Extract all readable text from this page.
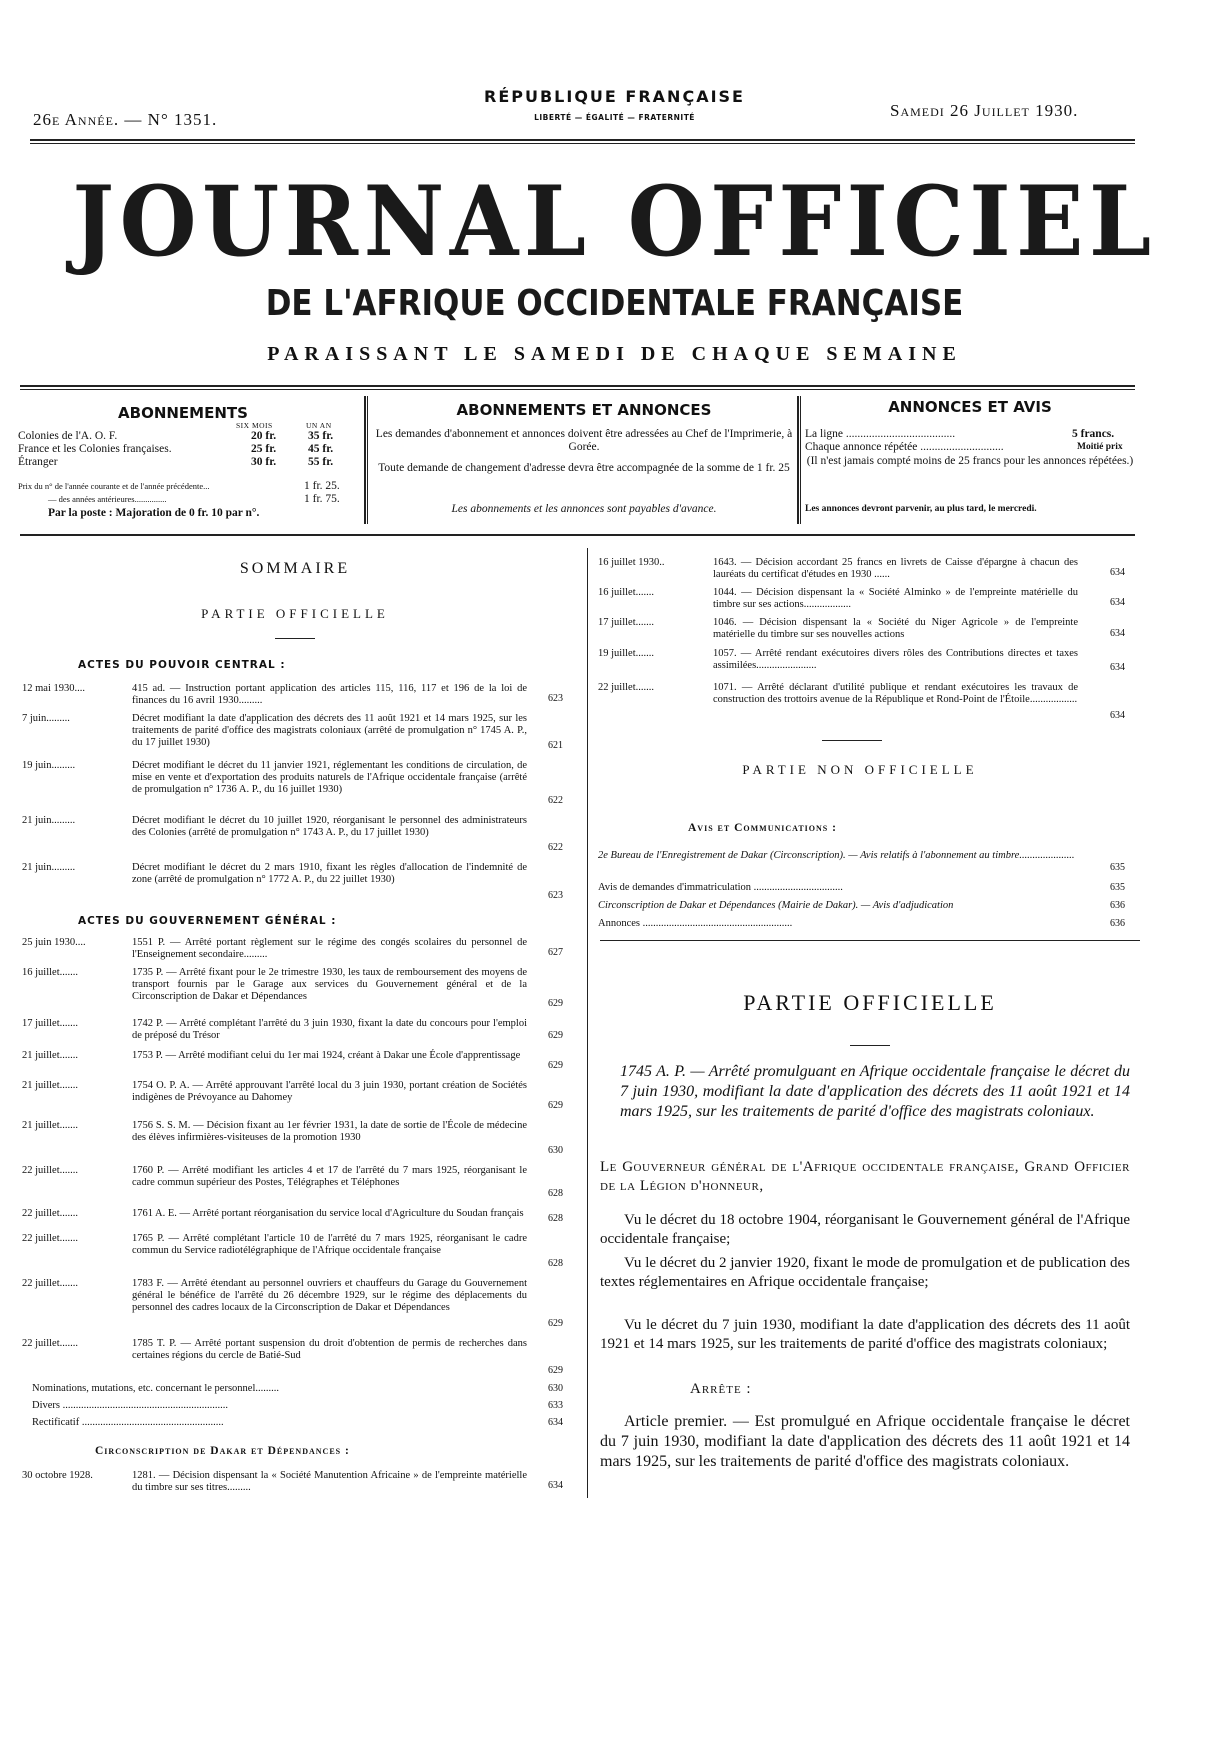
RÉPUBLIQUE FRANÇAISE
LIBERTÉ — ÉGALITÉ — FRATERNITÉ
26e Année. — N° 1351.	Samedi 26 Juillet 1930.
JOURNAL OFFICIEL
DE L'AFRIQUE OCCIDENTALE FRANÇAISE
PARAISSANT LE SAMEDI DE CHAQUE SEMAINE
ABONNEMENTS
SIX MOIS	UN AN
Colonies de l'A. O. F.	20 fr.	35 fr.
France et les Colonies françaises.	25 fr.	45 fr.
Étranger	30 fr.	55 fr.
Prix du n° de l'année courante et de l'année précédente...	1 fr. 25.
— des années antérieures...............	1 fr. 75.
Par la poste : Majoration de 0 fr. 10 par n°.
ABONNEMENTS ET ANNONCES
Les demandes d'abonnement et annonces doivent être adressées au Chef de l'Imprimerie, à Gorée.
Toute demande de changement d'adresse devra être accompagnée de la somme de 1 fr. 25
Les abonnements et les annonces sont payables d'avance.
ANNONCES ET AVIS
La ligne ......................................	5 francs.
Chaque annonce répétée .............................	Moitié prix
(Il n'est jamais compté moins de 25 francs pour les annonces répétées.)
Les annonces devront parvenir, au plus tard, le mercredi.
SOMMAIRE
PARTIE OFFICIELLE
ACTES DU POUVOIR CENTRAL :
12 mai 1930....	415 ad. — Instruction portant application des articles 115, 116, 117 et 196 de la loi de finances du 16 avril 1930.........	623
7 juin.........	Décret modifiant la date d'application des décrets des 11 août 1921 et 14 mars 1925, sur les traitements de parité d'office des magistrats coloniaux (arrêté de promulgation n° 1745 A. P., du 17 juillet 1930)	621
19 juin.........	Décret modifiant le décret du 11 janvier 1921, réglementant les conditions de circulation, de mise en vente et d'exportation des produits naturels de l'Afrique occidentale française (arrêté de promulgation n° 1736 A. P., du 16 juillet 1930)
622
21 juin.........	Décret modifiant le décret du 10 juillet 1920, réorganisant le personnel des administrateurs des Colonies (arrêté de promulgation n° 1743 A. P., du 17 juillet 1930)
622
21 juin.........	Décret modifiant le décret du 2 mars 1910, fixant les règles d'allocation de l'indemnité de zone (arrêté de promulgation n° 1772 A. P., du 22 juillet 1930)
623
ACTES DU GOUVERNEMENT GÉNÉRAL :
25 juin 1930....	1551 P. — Arrêté portant règlement sur le régime des congés scolaires du personnel de l'Enseignement secondaire.........	627
16 juillet.......	1735 P. — Arrêté fixant pour le 2e trimestre 1930, les taux de remboursement des moyens de transport fournis par le Garage aux services du Gouvernement général et de la Circonscription de Dakar et Dépendances
629
17 juillet.......	1742 P. — Arrêté complétant l'arrêté du 3 juin 1930, fixant la date du concours pour l'emploi de préposé du Trésor	629
21 juillet.......	1753 P. — Arrêté modifiant celui du 1er mai 1924, créant à Dakar une École d'apprentissage
629
21 juillet.......	1754 O. P. A. — Arrêté approuvant l'arrêté local du 3 juin 1930, portant création de Sociétés indigènes de Prévoyance au Dahomey
629
21 juillet.......	1756 S. S. M. — Décision fixant au 1er février 1931, la date de sortie de l'École de médecine des élèves infirmières-visiteuses de la promotion 1930
630
22 juillet.......	1760 P. — Arrêté modifiant les articles 4 et 17 de l'arrêté du 7 mars 1925, réorganisant le cadre commun supérieur des Postes, Télégraphes et Téléphones
628
22 juillet.......	1761 A. E. — Arrêté portant réorganisation du service local d'Agriculture du Soudan français	628
22 juillet.......	1765 P. — Arrêté complétant l'article 10 de l'arrêté du 7 mars 1925, réorganisant le cadre commun du Service radiotélégraphique de l'Afrique occidentale française
628
22 juillet.......	1783 F. — Arrêté étendant au personnel ouvriers et chauffeurs du Garage du Gouvernement général le bénéfice de l'arrêté du 26 décembre 1929, sur le régime des déplacements du personnel des cadres locaux de la Circonscription de Dakar et Dépendances
629
22 juillet.......	1785 T. P. — Arrêté portant suspension du droit d'obtention de permis de recherches dans certaines régions du cercle de Batié-Sud
629
Nominations, mutations, etc. concernant le personnel.........	630
Divers ...............................................................	633
Rectificatif ......................................................	634
Circonscription de Dakar et Dépendances :
30 octobre 1928.	1281. — Décision dispensant la « Société Manutention Africaine » de l'empreinte matérielle du timbre sur ses titres.........	634
16 juillet 1930..	1643. — Décision accordant 25 francs en livrets de Caisse d'épargne à chacun des lauréats du certificat d'études en 1930 ......	634
16 juillet.......	1044. — Décision dispensant la « Société Alminko » de l'empreinte matérielle du timbre sur ses actions..................	634
17 juillet.......	1046. — Décision dispensant la « Société du Niger Agricole » de l'empreinte matérielle du timbre sur ses nouvelles actions	634
19 juillet.......	1057. — Arrêté rendant exécutoires divers rôles des Contributions directes et taxes assimilées.......................	634
22 juillet.......	1071. — Arrêté déclarant d'utilité publique et rendant exécutoires les travaux de construction des trottoirs avenue de la République et Rond-Point de l'Étoile..................
634
PARTIE NON OFFICIELLE
Avis et Communications :
2e Bureau de l'Enregistrement de Dakar (Circonscription). — Avis relatifs à l'abonnement au timbre.....................
635
Avis de demandes d'immatriculation ..................................	635
Circonscription de Dakar et Dépendances (Mairie de Dakar). — Avis d'adjudication	636
Annonces .........................................................	636
PARTIE OFFICIELLE
1745 A. P. — Arrêté promulguant en Afrique occidentale française le décret du 7 juin 1930, modifiant la date d'application des décrets des 11 août 1921 et 14 mars 1925, sur les traitements de parité d'office des magistrats coloniaux.
Le Gouverneur général de l'Afrique occidentale française, Grand Officier de la Légion d'honneur,
Vu le décret du 18 octobre 1904, réorganisant le Gouvernement général de l'Afrique occidentale française;
Vu le décret du 2 janvier 1920, fixant le mode de promulgation et de publication des textes réglementaires en Afrique occidentale française;
Vu le décret du 7 juin 1930, modifiant la date d'application des décrets des 11 août 1921 et 14 mars 1925, sur les traitements de parité d'office des magistrats coloniaux;
Arrête :
Article premier. — Est promulgué en Afrique occidentale française le décret du 7 juin 1930, modifiant la date d'application des décrets des 11 août 1921 et 14 mars 1925, sur les traitements de parité d'office des magistrats coloniaux.
